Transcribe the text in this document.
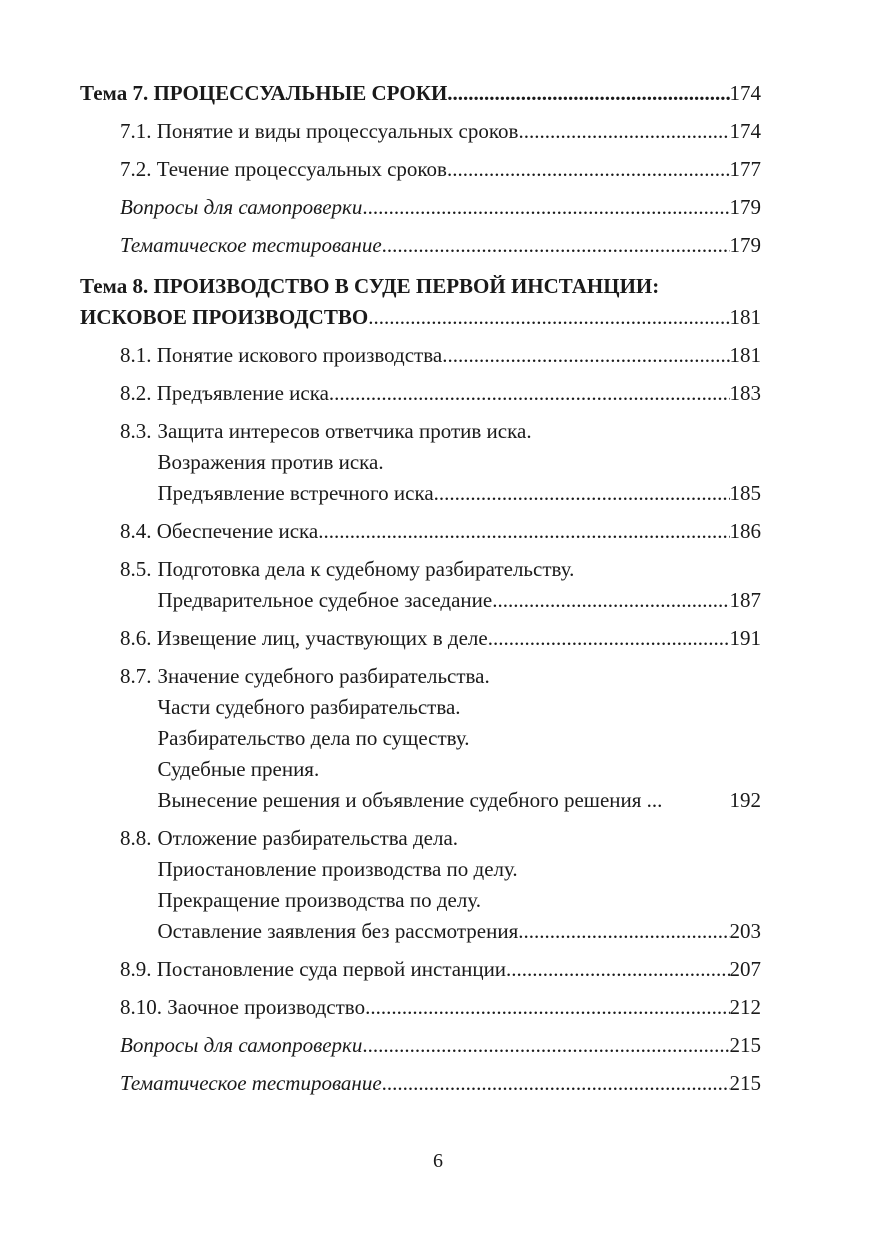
Тема 7. ПРОЦЕССУАЛЬНЫЕ СРОКИ .....	174
7.1. Понятие и виды процессуальных сроков .....	174
7.2. Течение процессуальных сроков .....	177
Вопросы для самопроверки .....	179
Тематическое тестирование .....	179
Тема 8. ПРОИЗВОДСТВО В СУДЕ ПЕРВОЙ ИНСТАНЦИИ:
ИСКОВОЕ ПРОИЗВОДСТВО .....	181
8.1. Понятие искового производства .....	181
8.2. Предъявление иска .....	183
8.3. Защита интересов ответчика против иска.
Возражения против иска.
Предъявление встречного иска .....	185
8.4. Обеспечение иска .....	186
8.5. Подготовка дела к судебному разбирательству.
Предварительное судебное заседание .....	187
8.6. Извещение лиц, участвующих в деле .....	191
8.7. Значение судебного разбирательства.
Части судебного разбирательства.
Разбирательство дела по существу.
Судебные прения.
Вынесение решения и объявление судебного решения ...	192
8.8. Отложение разбирательства дела.
Приостановление производства по делу.
Прекращение производства по делу.
Оставление заявления без рассмотрения .....	203
8.9. Постановление суда первой инстанции .....	207
8.10. Заочное производство .....	212
Вопросы для самопроверки .....	215
Тематическое тестирование .....	215
6
